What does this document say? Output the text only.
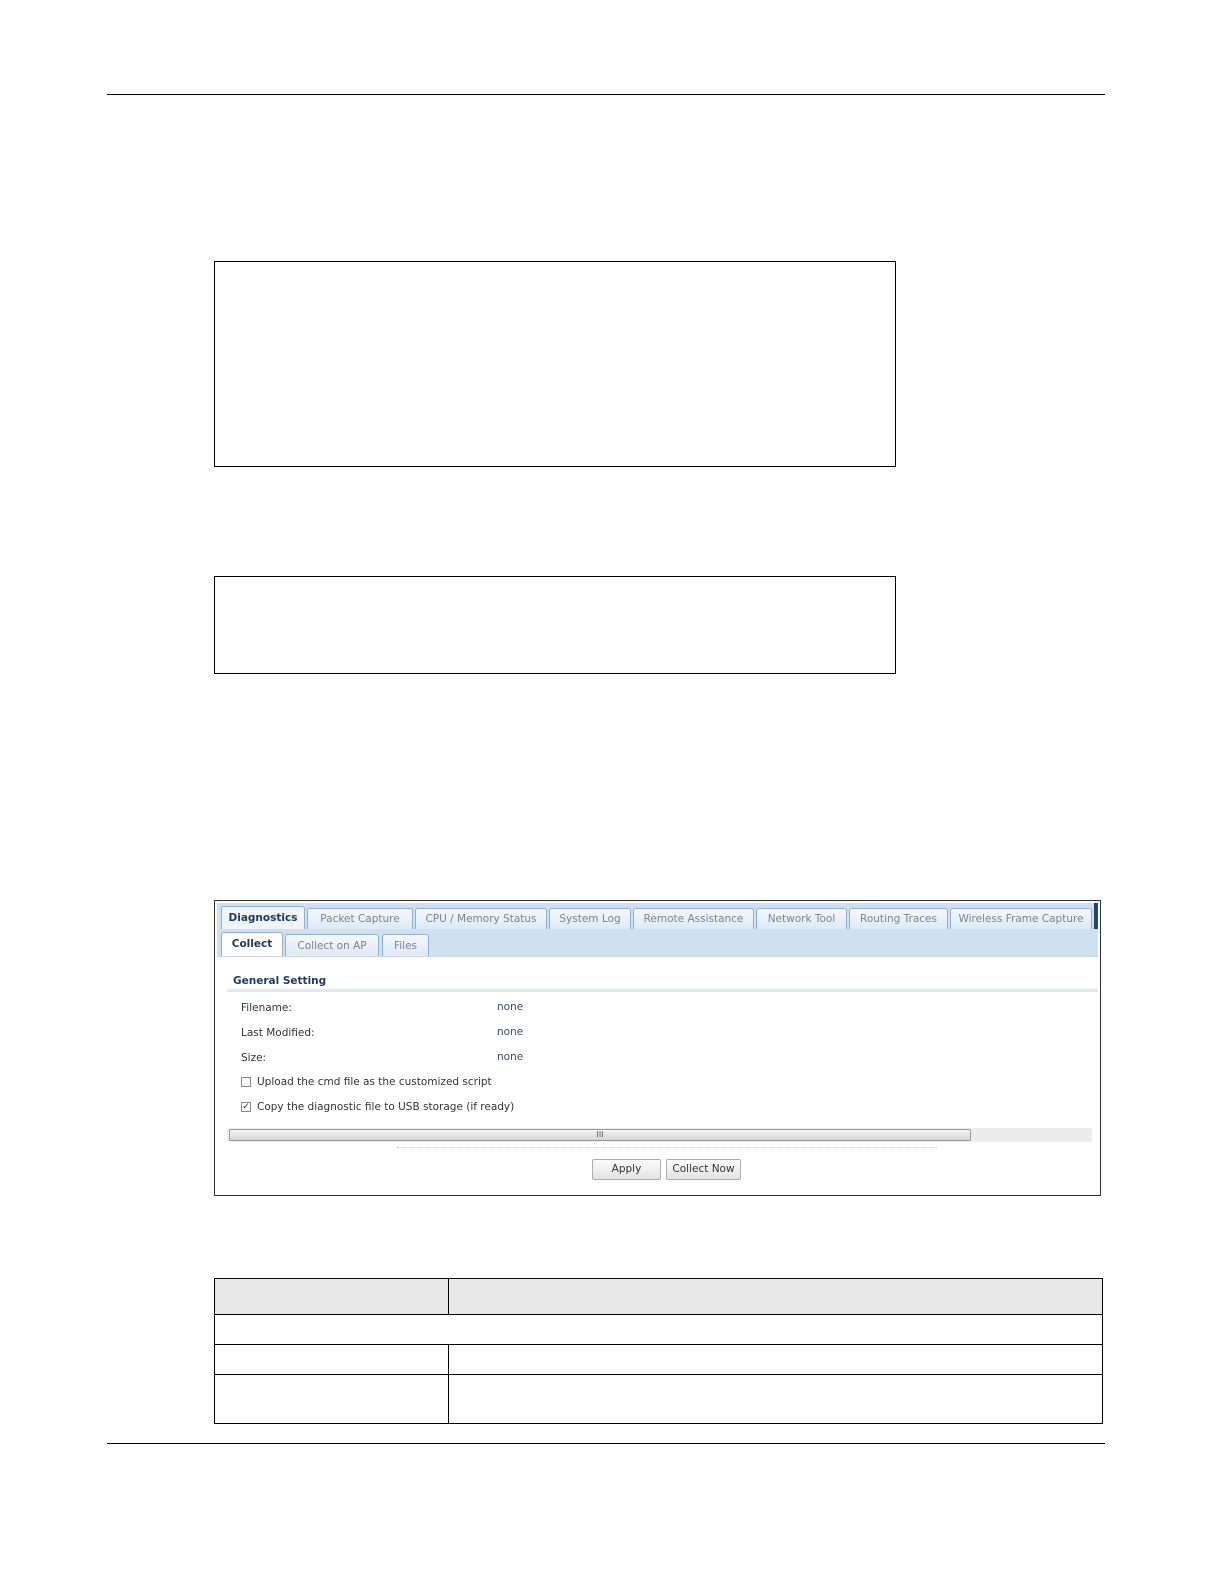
Diagnostics	Packet Capture	CPU / Memory Status	System Log	Remote Assistance	Network Tool	Routing Traces	Wireless Frame Capture
Collect	Collect on AP	Files
General Setting
Filename:	none
Last Modified:	none
Size:	none
Upload the cmd file as the customized script
✓ Copy the diagnostic file to USB storage (if ready)
III
Apply	Collect Now
